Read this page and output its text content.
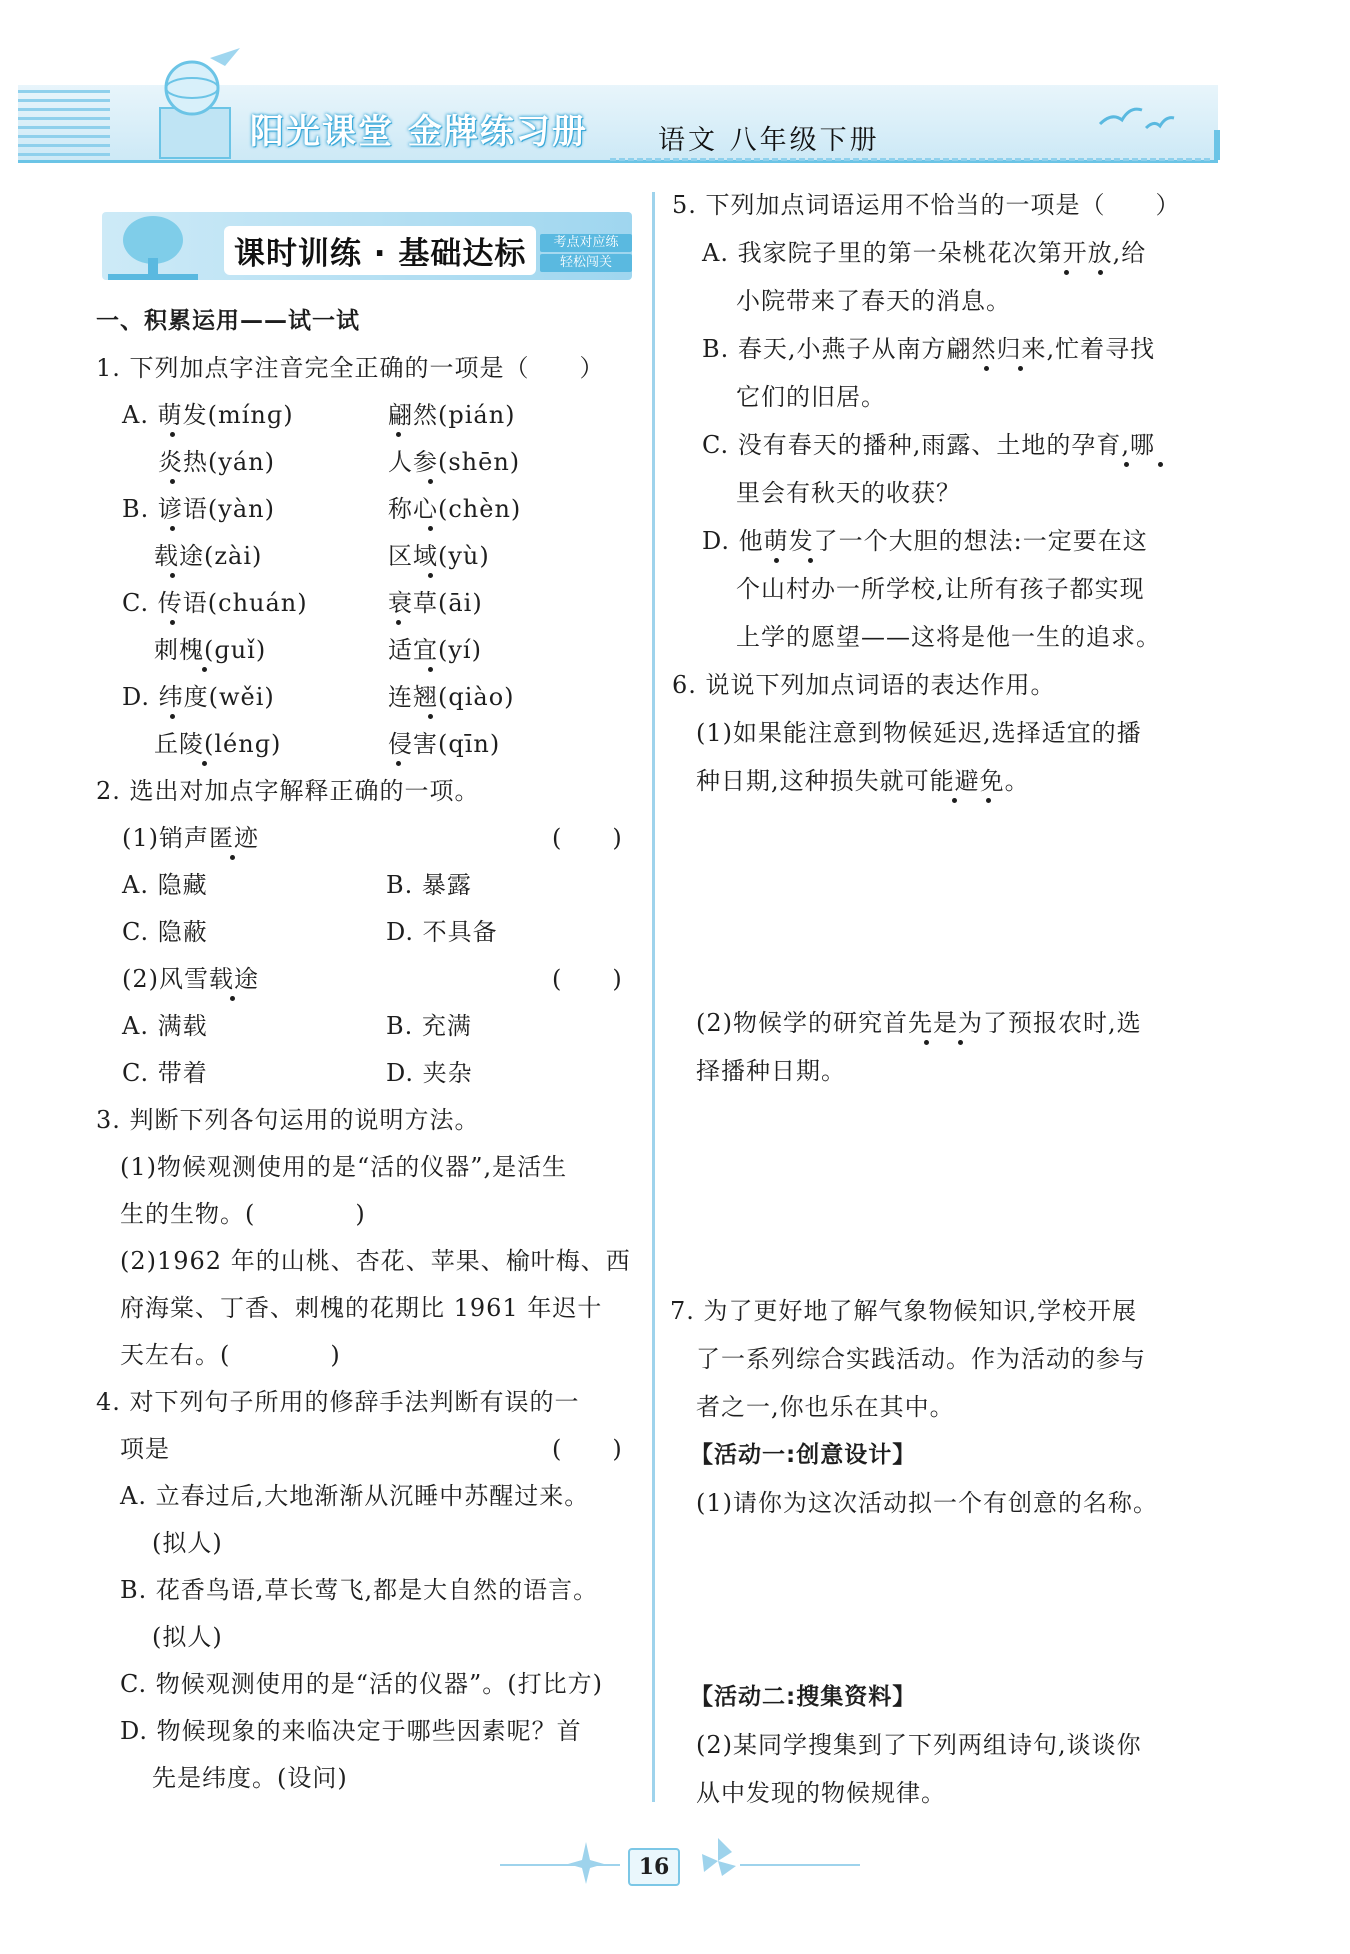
阳光课堂 金牌练习册	语文 八年级下册
课时训练 · 基础达标	考点对应练
轻松闯关
一、积累运用——试一试
1. 下列加点字注音完全正确的一项是（　　）
A. 萌发(mínɡ)	翩然(pián)
炎热(yán)	人参(shēn)
B. 谚语(yàn)	称心(chèn)
载途(zài)	区域(yù)
C. 传语(chuán)	衰草(āi)
刺槐(ɡuǐ)	适宜(yí)
D. 纬度(wěi)	连翘(qiào)
丘陵(lénɡ)	侵害(qīn)
2. 选出对加点字解释正确的一项。
(1)销声匿迹	(　　)
A. 隐藏	B. 暴露
C. 隐蔽	D. 不具备
(2)风雪载途	(　　)
A. 满载	B. 充满
C. 带着	D. 夹杂
3. 判断下列各句运用的说明方法。
(1)物候观测使用的是“活的仪器”,是活生
生的生物。(　　　　)
(2)1962 年的山桃、杏花、苹果、榆叶梅、西
府海棠、丁香、刺槐的花期比 1961 年迟十
天左右。(　　　　)
4. 对下列句子所用的修辞手法判断有误的一
项是	(　　)
A. 立春过后,大地渐渐从沉睡中苏醒过来。
(拟人)
B. 花香鸟语,草长莺飞,都是大自然的语言。
(拟人)
C. 物候观测使用的是“活的仪器”。(打比方)
D. 物候现象的来临决定于哪些因素呢？首
先是纬度。(设问)
5. 下列加点词语运用不恰当的一项是（　　）
A. 我家院子里的第一朵桃花次第开放,给
小院带来了春天的消息。
B. 春天,小燕子从南方翩然归来,忙着寻找
它们的旧居。
C. 没有春天的播种,雨露、土地的孕育,哪
里会有秋天的收获？
D. 他萌发了一个大胆的想法:一定要在这
个山村办一所学校,让所有孩子都实现
上学的愿望——这将是他一生的追求。
6. 说说下列加点词语的表达作用。
(1)如果能注意到物候延迟,选择适宜的播
种日期,这种损失就可能避免。
(2)物候学的研究首先是为了预报农时,选
择播种日期。
7. 为了更好地了解气象物候知识,学校开展
了一系列综合实践活动。作为活动的参与
者之一,你也乐在其中。
【活动一:创意设计】
(1)请你为这次活动拟一个有创意的名称。
【活动二:搜集资料】
(2)某同学搜集到了下列两组诗句,谈谈你
从中发现的物候规律。
16
